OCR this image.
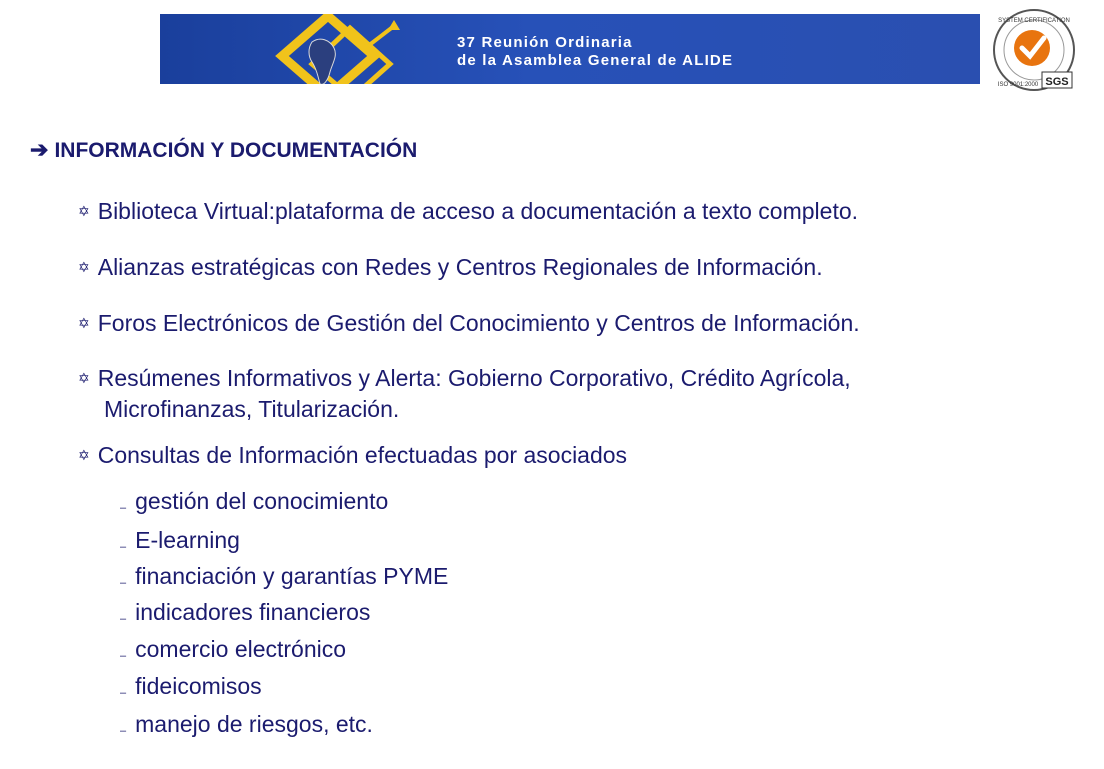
37 Reunión Ordinaria
de la Asamblea General de ALIDE
SGS
SYSTEM CERTIFICATION
ISO 9001:2000
➔ INFORMACIÓN Y DOCUMENTACIÓN
✡ Biblioteca Virtual:plataforma de acceso a documentación a texto completo.
✡ Alianzas estratégicas con Redes y Centros Regionales de Información.
✡ Foros Electrónicos de Gestión del Conocimiento y Centros de Información.
✡ Resúmenes Informativos y Alerta: Gobierno Corporativo, Crédito Agrícola,
Microfinanzas, Titularización.
✡ Consultas de Información efectuadas por asociados
– gestión del conocimiento
– E-learning
– financiación y garantías PYME
– indicadores financieros
– comercio electrónico
– fideicomisos
– manejo de riesgos, etc.
